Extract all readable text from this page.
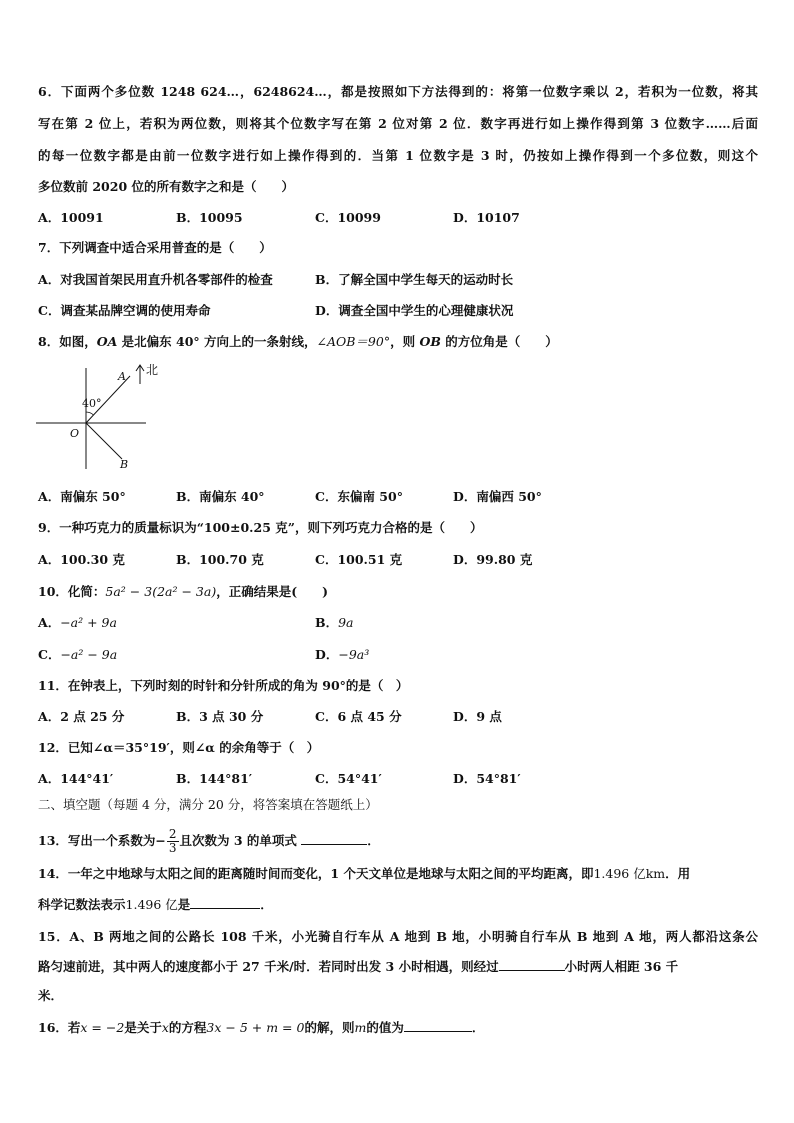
6．下面两个多位数 1248 624…，6248624…，都是按照如下方法得到的：将第一位数字乘以 2，若积为一位数，将其
写在第 2 位上，若积为两位数，则将其个位数字写在第 2 位对第 2 位．数字再进行如上操作得到第 3 位数字……后面
的每一位数字都是由前一位数字进行如上操作得到的．当第 1 位数字是 3 时，仍按如上操作得到一个多位数，则这个
多位数前 2020 位的所有数字之和是（　　）
A．10091	B．10095	C．10099	D．10107
7．下列调查中适合采用普查的是（　　）
A．对我国首架民用直升机各零部件的检查	B．了解全国中学生每天的运动时长
C．调查某品牌空调的使用寿命	D．调查全国中学生的心理健康状况
8．如图，OA 是北偏东 40° 方向上的一条射线，∠AOB＝90°，则 OB 的方位角是（　　）
北
A
B
O
40°
A．南偏东 50°	B．南偏东 40°	C．东偏南 50°	D．南偏西 50°
9．一种巧克力的质量标识为“100±0.25 克”，则下列巧克力合格的是（　　）
A．100.30 克	B．100.70 克	C．100.51 克	D．99.80 克
10．化简：5a² − 3(2a² − 3a)，正确结果是(　　)
A．−a² + 9a	B．9a
C．−a² − 9a	D．−9a³
11．在钟表上，下列时刻的时针和分针所成的角为 90°的是（　）
A．2 点 25 分	B．3 点 30 分	C．6 点 45 分	D．9 点
12．已知∠α＝35°19′，则∠α 的余角等于（　）
A．144°41′	B．144°81′	C．54°41′	D．54°81′
二、填空题（每题 4 分，满分 20 分，将答案填在答题纸上）
13．写出一个系数为− $\frac{2}{3}$ 且次数为 3 的单项式	．
14．一年之中地球与太阳之间的距离随时间而变化，1 个天文单位是地球与太阳之间的平均距离，即1.496 亿km．用
科学记数法表示1.496 亿是	．
15．A、B 两地之间的公路长 108 千米，小光骑自行车从 A 地到 B 地，小明骑自行车从 B 地到 A 地，两人都沿这条公
路匀速前进，其中两人的速度都小于 27 千米/时．若同时出发 3 小时相遇，则经过	小时两人相距 36 千
米．
16．若x = −2是关于x的方程3x − 5 + m = 0的解，则m的值为	．
